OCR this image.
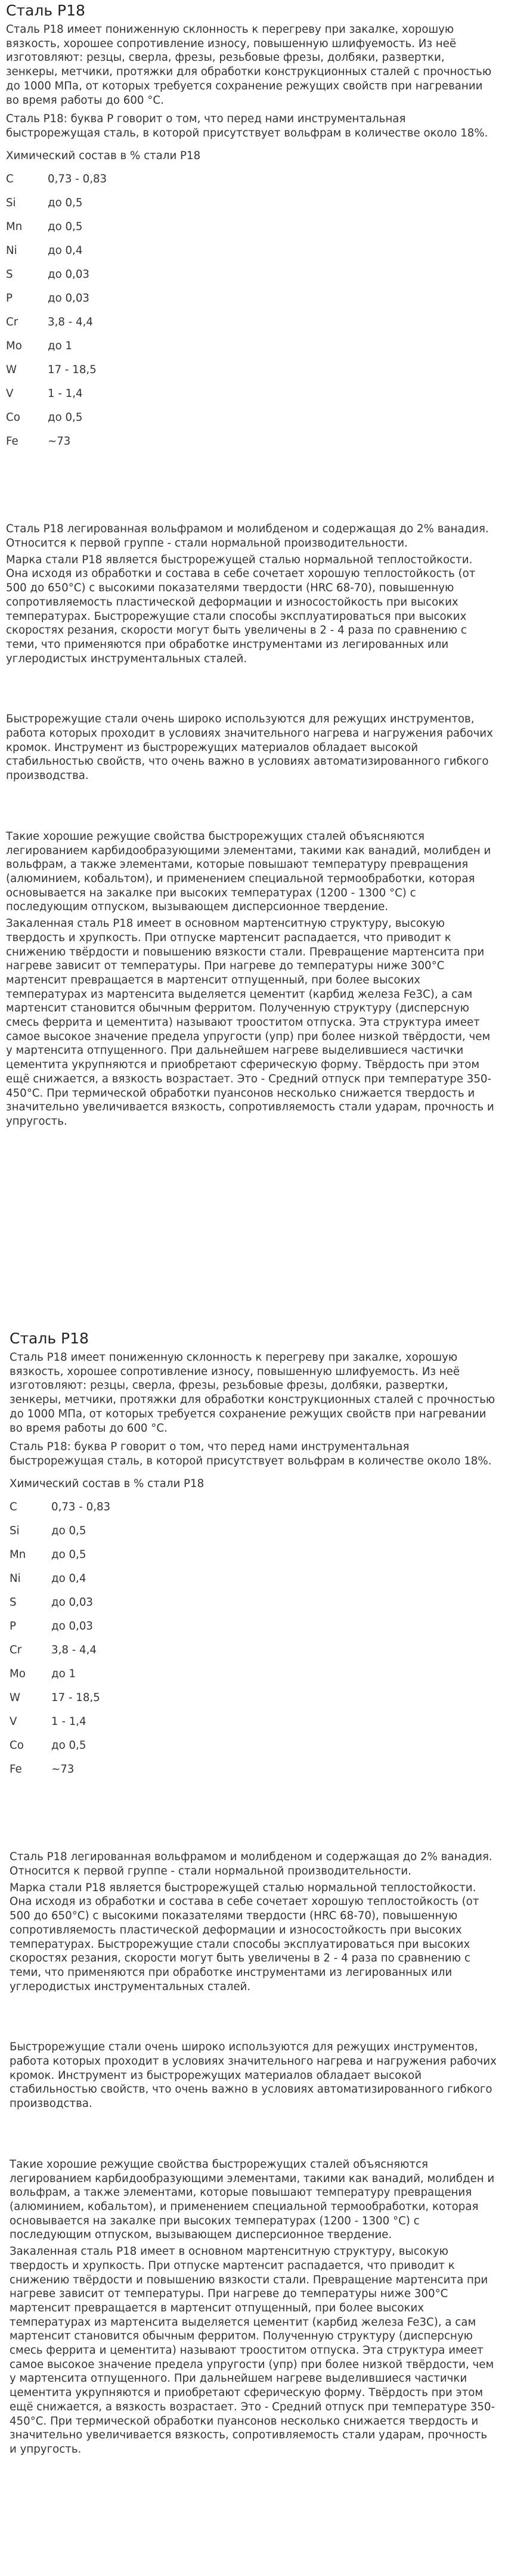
Сталь Р18

Сталь Р18 имеет пониженную склонность к перегреву при закалке, хорошую вязкость, хорошее сопротивление износу, повышенную шлифуемость. Из неё изготовляют: резцы, сверла, фрезы, резьбовые фрезы, долбяки, развертки, зенкеры, метчики, протяжки для обработки конструкционных сталей с прочностью до 1000 МПа, от которых требуется сохранение режущих свойств при нагревании во время работы до 600 °С.

Сталь Р18: буква Р говорит о том, что перед нами инструментальная быстрорежущая сталь, в которой присутствует вольфрам в количестве около 18%.

Химический состав в % стали Р18

C	0,73 - 0,83
Si	до 0,5
Mn	до 0,5
Ni	до 0,4
S	до 0,03
P	до 0,03
Cr	3,8 - 4,4
Mo	до 1
W	17 - 18,5
V	1 - 1,4
Co	до 0,5
Fe	~73

Сталь Р18 легированная вольфрамом и молибденом и содержащая до 2% ванадия. Относится к первой группе - стали нормальной производительности.

Марка стали Р18 является быстрорежущей сталью нормальной теплостойкости. Она исходя из обработки и состава в себе сочетает хорошую теплостойкость (от 500 до 650°С) с высокими показателями твердости (HRC 68-70), повышенную сопротивляемость пластической деформации и износостойкость при высоких температурах. Быстрорежущие стали способы эксплуатироваться при высоких скоростях резания, скорости могут быть увеличены в 2 - 4 раза по сравнению с теми, что применяются при обработке инструментами из легированных или углеродистых инструментальных сталей.

Быстрорежущие стали очень широко используются для режущих инструментов, работа которых проходит в условиях значительного нагрева и нагружения рабочих кромок. Инструмент из быстрорежущих материалов обладает высокой стабильностью свойств, что очень важно в условиях автоматизированного гибкого производства.

Такие хорошие режущие свойства быстрорежущих сталей объясняются легированием карбидообразующими элементами, такими как ванадий, молибден и вольфрам, а также элементами, которые повышают температуру превращения (алюминием, кобальтом), и применением специальной термообработки, которая основывается на закалке при высоких температурах (1200 - 1300 °С) с последующим отпуском, вызывающем дисперсионное твердение.

Закаленная сталь Р18 имеет в основном мартенситную структуру, высокую твердость и хрупкость. При отпуске мартенсит распадается, что приводит к снижению твёрдости и повышению вязкости стали. Превращение мартенсита при нагреве зависит от температуры. При нагреве до температуры ниже 300°С мартенсит превращается в мартенсит отпущенный, при более высоких температурах из мартенсита выделяется цементит (карбид железа Fe3C), а сам мартенсит становится обычным ферритом. Полученную структуру (дисперсную смесь феррита и цементита) называют трооститом отпуска. Эта структура имеет самое высокое значение предела упругости (упр) при более низкой твёрдости, чем у мартенсита отпущенного. При дальнейшем нагреве выделившиеся частички цементита укрупняются и приобретают сферическую форму. Твёрдость при этом ещё снижается, а вязкость возрастает. Это - Средний отпуск при температуре 350-450°С. При термической обработки пуансонов несколько снижается твердость и значительно увеличивается вязкость, сопротивляемость стали ударам, прочность и упругость.

Сталь Р18

Сталь Р18 имеет пониженную склонность к перегреву при закалке, хорошую вязкость, хорошее сопротивление износу, повышенную шлифуемость. Из неё изготовляют: резцы, сверла, фрезы, резьбовые фрезы, долбяки, развертки, зенкеры, метчики, протяжки для обработки конструкционных сталей с прочностью до 1000 МПа, от которых требуется сохранение режущих свойств при нагревании во время работы до 600 °С.

Сталь Р18: буква Р говорит о том, что перед нами инструментальная быстрорежущая сталь, в которой присутствует вольфрам в количестве около 18%.

Химический состав в % стали Р18

C	0,73 - 0,83
Si	до 0,5
Mn	до 0,5
Ni	до 0,4
S	до 0,03
P	до 0,03
Cr	3,8 - 4,4
Mo	до 1
W	17 - 18,5
V	1 - 1,4
Co	до 0,5
Fe	~73

Сталь Р18 легированная вольфрамом и молибденом и содержащая до 2% ванадия. Относится к первой группе - стали нормальной производительности.

Марка стали Р18 является быстрорежущей сталью нормальной теплостойкости. Она исходя из обработки и состава в себе сочетает хорошую теплостойкость (от 500 до 650°С) с высокими показателями твердости (HRC 68-70), повышенную сопротивляемость пластической деформации и износостойкость при высоких температурах. Быстрорежущие стали способы эксплуатироваться при высоких скоростях резания, скорости могут быть увеличены в 2 - 4 раза по сравнению с теми, что применяются при обработке инструментами из легированных или углеродистых инструментальных сталей.

Быстрорежущие стали очень широко используются для режущих инструментов, работа которых проходит в условиях значительного нагрева и нагружения рабочих кромок. Инструмент из быстрорежущих материалов обладает высокой стабильностью свойств, что очень важно в условиях автоматизированного гибкого производства.

Такие хорошие режущие свойства быстрорежущих сталей объясняются легированием карбидообразующими элементами, такими как ванадий, молибден и вольфрам, а также элементами, которые повышают температуру превращения (алюминием, кобальтом), и применением специальной термообработки, которая основывается на закалке при высоких температурах (1200 - 1300 °С) с последующим отпуском, вызывающем дисперсионное твердение.

Закаленная сталь Р18 имеет в основном мартенситную структуру, высокую твердость и хрупкость. При отпуске мартенсит распадается, что приводит к снижению твёрдости и повышению вязкости стали. Превращение мартенсита при нагреве зависит от температуры. При нагреве до температуры ниже 300°С мартенсит превращается в мартенсит отпущенный, при более высоких температурах из мартенсита выделяется цементит (карбид железа Fe3C), а сам мартенсит становится обычным ферритом. Полученную структуру (дисперсную смесь феррита и цементита) называют трооститом отпуска. Эта структура имеет самое высокое значение предела упругости (упр) при более низкой твёрдости, чем у мартенсита отпущенного. При дальнейшем нагреве выделившиеся частички цементита укрупняются и приобретают сферическую форму. Твёрдость при этом ещё снижается, а вязкость возрастает. Это - Средний отпуск при температуре 350-450°С. При термической обработки пуансонов несколько снижается твердость и значительно увеличивается вязкость, сопротивляемость стали ударам, прочность и упругость.
